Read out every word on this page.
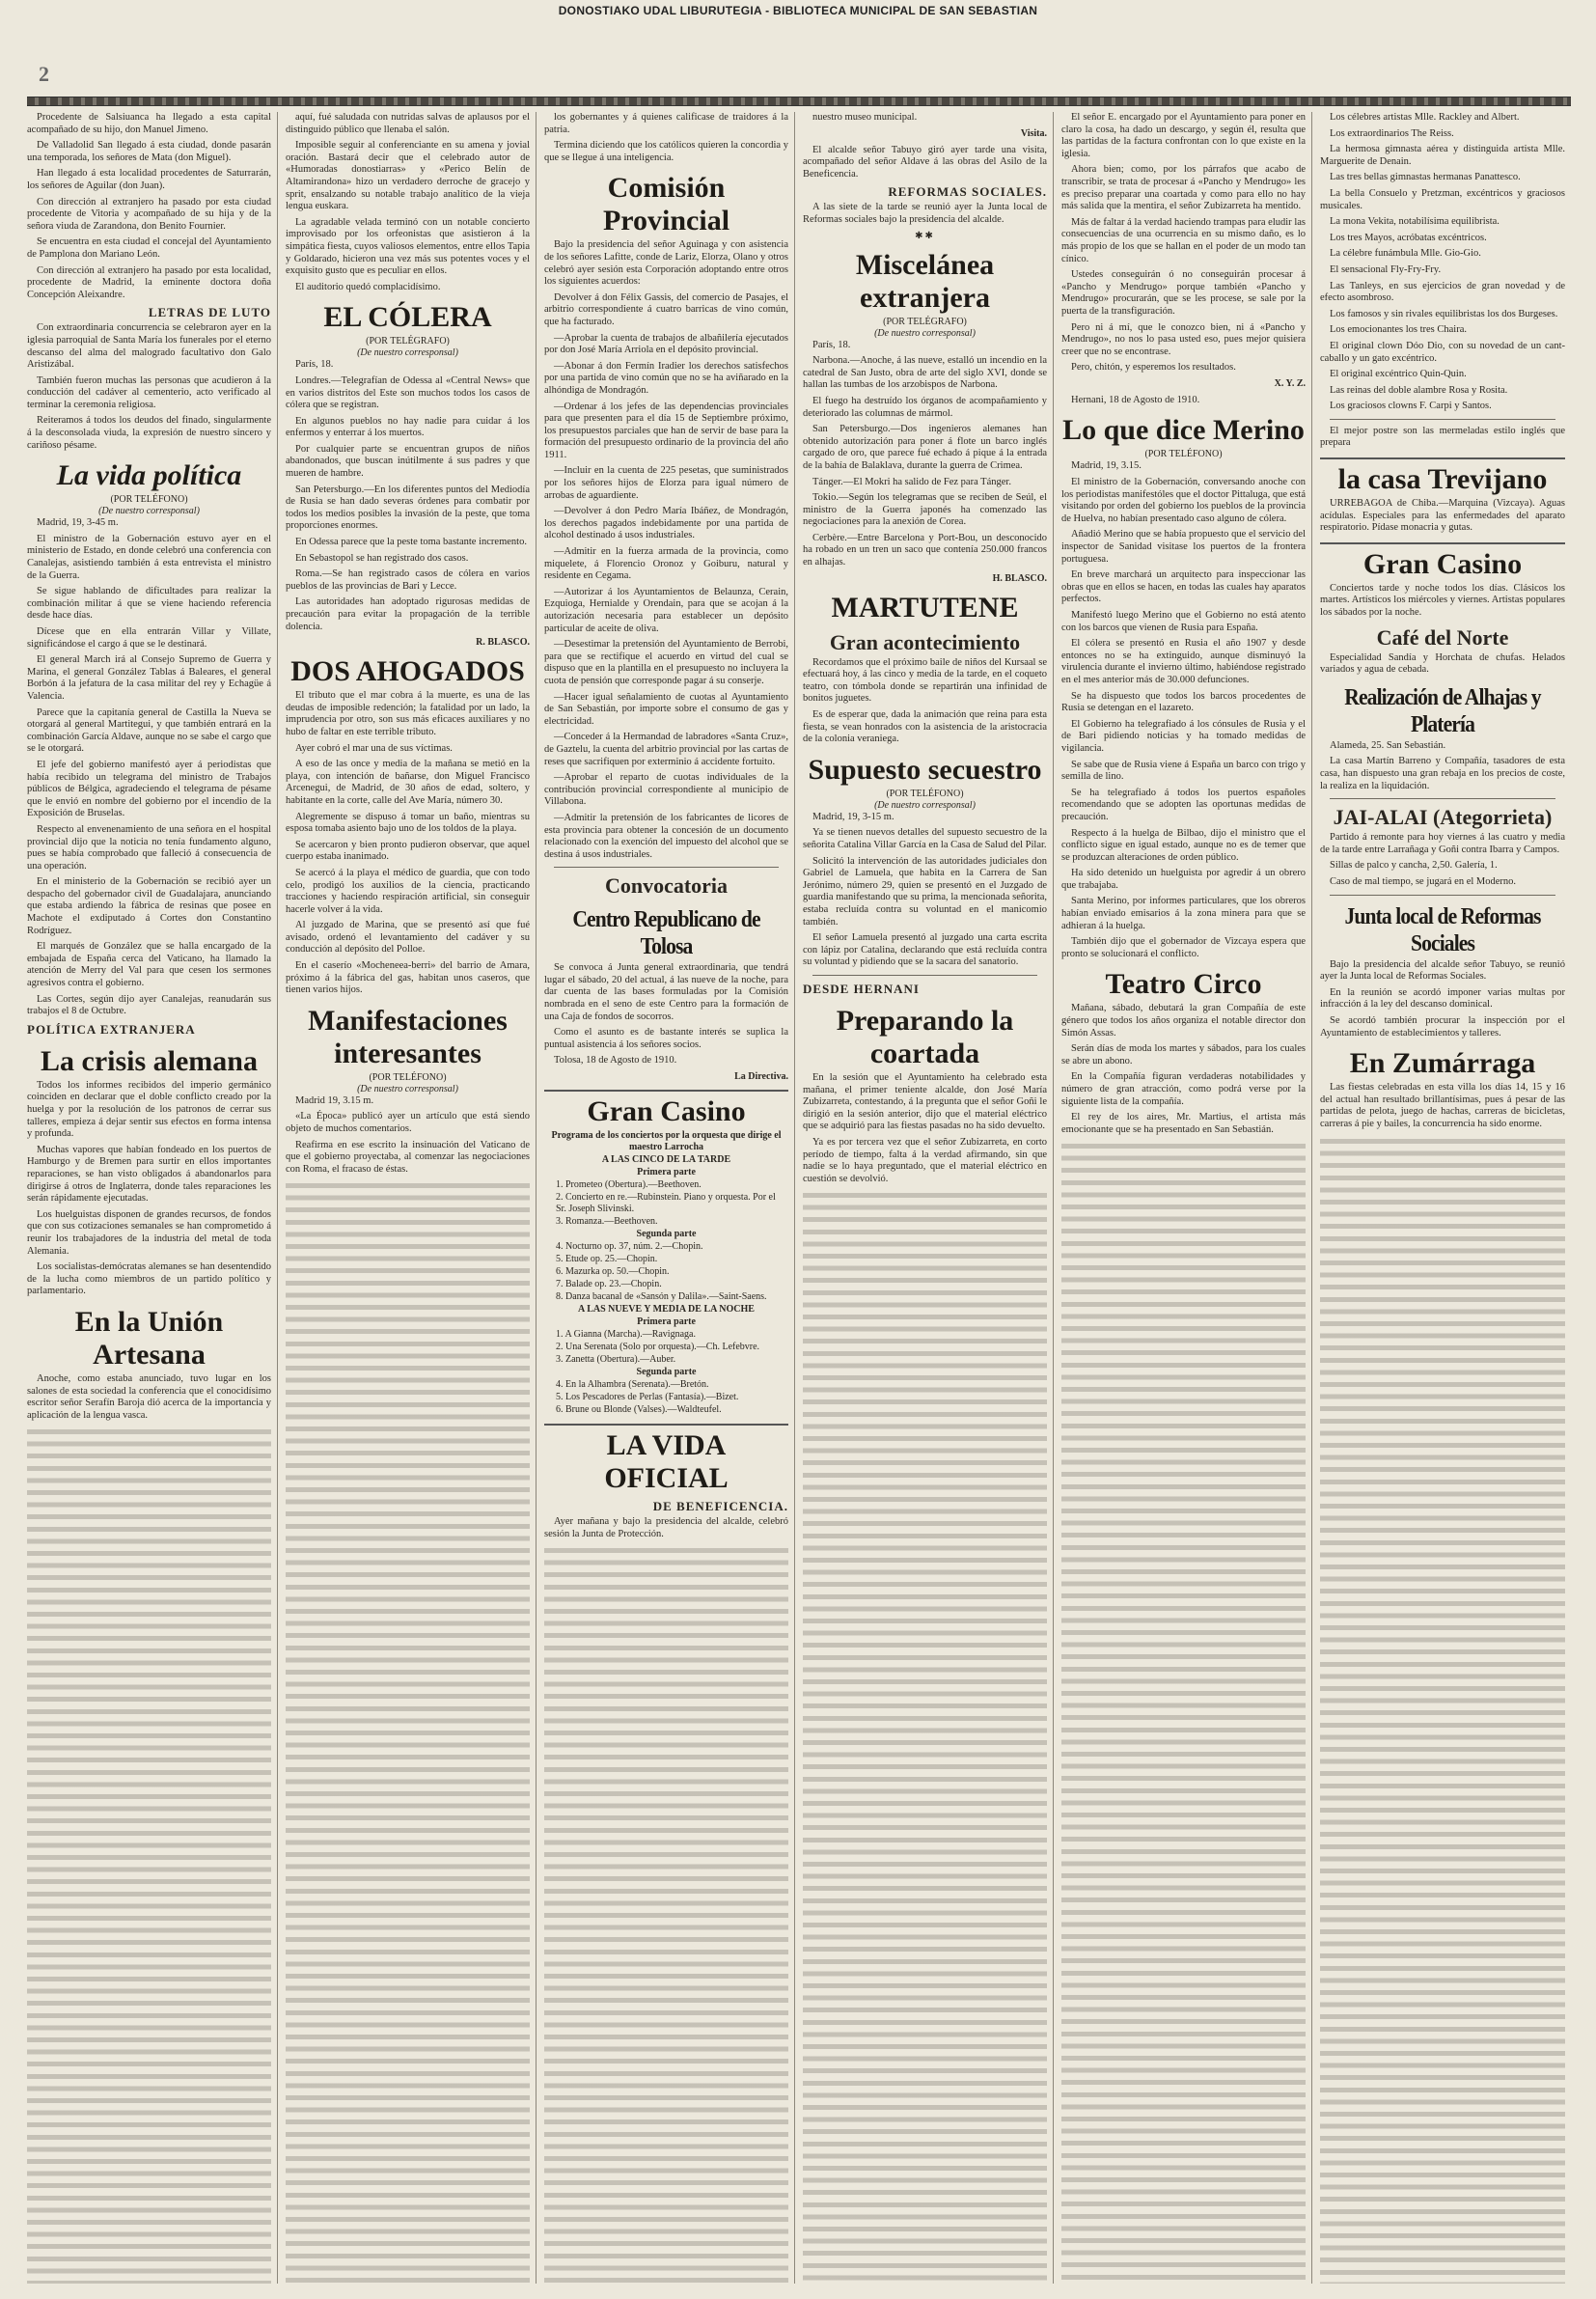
DONOSTIAKO UDAL LIBURUTEGIA - BIBLIOTECA MUNICIPAL DE SAN SEBASTIAN
2

Procedente de Salsiuanca ha llegado a esta capital acompañado de su hijo, don Manuel Jimeno.

De Valladolid San llegado á esta ciudad, donde pasarán una temporada, los señores de Mata (don Miguel).

Han llegado á esta localidad procedentes de Saturrarán, los señores de Aguilar (don Juan).

Con dirección al extranjero ha pasado por esta ciudad procedente de Vitoria y acompañado de su hija y de la señora viuda de Zarandona, don Benito Fournier.

Se encuentra en esta ciudad el concejal del Ayuntamiento de Pamplona don Mariano León.

Con dirección al extranjero ha pasado por esta localidad, procedente de Madrid, la eminente doctora doña Concepción Aleixandre.

LETRAS DE LUTO

Con extraordinaria concurrencia se celebraron ayer en la iglesia parroquial de Santa María los funerales por el eterno descanso del alma del malogrado facultativo don Galo Aristizábal.

También fueron muchas las personas que acudieron á la conducción del cadáver al cementerio, acto verificado al terminar la ceremonia religiosa.

Reiteramos á todos los deudos del finado, singularmente á la desconsolada viuda, la expresión de nuestro sincero y cariñoso pésame.

La vida política
(POR TELÉFONO)
(De nuestro corresponsal)

Madrid, 19, 3-45 m.

El ministro de la Gobernación estuvo ayer en el ministerio de Estado, en donde celebró una conferencia con Canalejas, asistiendo también á esta entrevista el ministro de la Guerra.

Se sigue hablando de dificultades para realizar la combinación militar á que se viene haciendo referencia desde hace días.

Dícese que en ella entrarán Villar y Villate, significándose el cargo á que se le destinará.

El general March irá al Consejo Supremo de Guerra y Marina, el general González Tablas á Baleares, el general Borbón á la jefatura de la casa militar del rey y Echagüe á Valencia.

Parece que la capitanía general de Castilla la Nueva se otorgará al general Martitegui, y que también entrará en la combinación García Aldave, aunque no se sabe el cargo que se le otorgará.

El jefe del gobierno manifestó ayer á periodistas que había recibido un telegrama del ministro de Trabajos públicos de Bélgica, agradeciendo el telegrama de pésame que le envió en nombre del gobierno por el incendio de la Exposición de Bruselas.

Respecto al envenenamiento de una señora en el hospital provincial dijo que la noticia no tenía fundamento alguno, pues se había comprobado que falleció á consecuencia de una operación.

En el ministerio de la Gobernación se recibió ayer un despacho del gobernador civil de Guadalajara, anunciando que estaba ardiendo la fábrica de resinas que posee en Machote el exdiputado á Cortes don Constantino Rodríguez.

El marqués de González que se halla encargado de la embajada de España cerca del Vaticano, ha llamado la atención de Merry del Val para que cesen los sermones agresivos contra el gobierno.

Las Cortes, según dijo ayer Canalejas, reanudarán sus trabajos el 8 de Octubre.

POLÍTICA EXTRANJERA
La crisis alemana

Todos los informes recibidos del imperio germánico coinciden en declarar que el doble conflicto creado por la huelga y por la resolución de los patronos de cerrar sus talleres, empieza á dejar sentir sus efectos en forma intensa y profunda.

Muchas vapores que habían fondeado en los puertos de Hamburgo y de Bremen para surtir en ellos importantes reparaciones, se han visto obligados á abandonarlos para dirigirse á otros de Inglaterra, donde tales reparaciones les serán rápidamente ejecutadas.

Los huelguistas disponen de grandes recursos, de fondos que con sus cotizaciones semanales se han comprometido á reunir los trabajadores de la industria del metal de toda Alemania.

Los socialistas-demócratas alemanes se han desentendido de la lucha como miembros de un partido político y parlamentario.

En la Unión Artesana

Anoche, como estaba anunciado, tuvo lugar en los salones de esta sociedad la conferencia que el conocidísimo escritor señor Serafín Baroja dió acerca de la importancia y aplicación de la lengua vasca.

aquí, fué saludada con nutridas salvas de aplausos por el distinguido público que llenaba el salón.

Imposible seguir al conferenciante en su amena y jovial oración. Bastará decir que el celebrado autor de «Humoradas donostiarras» y «Perico Belín de Altamirandona» hizo un verdadero derroche de gracejo y sprit, ensalzando su notable trabajo analítico de la vieja lengua euskara.

La agradable velada terminó con un notable concierto improvisado por los orfeonistas que asistieron á la simpática fiesta, cuyos valiosos elementos, entre ellos Tapia y Goldarado, hicieron una vez más sus potentes voces y el exquisito gusto que es peculiar en ellos.

El auditorio quedó complacidísimo.

EL CÓLERA
(POR TELÉGRAFO)
(De nuestro corresponsal)

París, 18.

Londres.—Telegrafían de Odessa al «Central News» que en varios distritos del Este son muchos todos los casos de cólera que se registran.

En algunos pueblos no hay nadie para cuidar á los enfermos y enterrar á los muertos.

Por cualquier parte se encuentran grupos de niños abandonados, que buscan inútilmente á sus padres y que mueren de hambre.

San Petersburgo.—En los diferentes puntos del Mediodía de Rusia se han dado severas órdenes para combatir por todos los medios posibles la invasión de la peste, que toma proporciones enormes.

En Odessa parece que la peste toma bastante incremento.

En Sebastopol se han registrado dos casos.

Roma.—Se han registrado casos de cólera en varios pueblos de las provincias de Bari y Lecce.

Las autoridades han adoptado rigurosas medidas de precaución para evitar la propagación de la terrible dolencia.

R. BLASCO.
DOS AHOGADOS

El tributo que el mar cobra á la muerte, es una de las deudas de imposible redención; la fatalidad por un lado, la imprudencia por otro, son sus más eficaces auxiliares y no hubo de faltar en este terrible tributo.

Ayer cobró el mar una de sus víctimas.

A eso de las once y media de la mañana se metió en la playa, con intención de bañarse, don Miguel Francisco Arcenegui, de Madrid, de 30 años de edad, soltero, y habitante en la corte, calle del Ave María, número 30.

Alegremente se dispuso á tomar un baño, mientras su esposa tomaba asiento bajo uno de los toldos de la playa.

Se acercaron y bien pronto pudieron observar, que aquel cuerpo estaba inanimado.

Se acercó á la playa el médico de guardia, que con todo celo, prodigó los auxilios de la ciencia, practicando tracciones y haciendo respiración artificial, sin conseguir hacerle volver á la vida.

Al juzgado de Marina, que se presentó así que fué avisado, ordenó el levantamiento del cadáver y su conducción al depósito del Polloe.

En el caserío «Mocheneea-berri» del barrio de Amara, próximo á la fábrica del gas, habitan unos caseros, que tienen varios hijos.

Manifestaciones interesantes
(POR TELÉFONO)
(De nuestro corresponsal)

Madrid 19, 3.15 m.

«La Época» publicó ayer un artículo que está siendo objeto de muchos comentarios.

Reafirma en ese escrito la insinuación del Vaticano de que el gobierno proyectaba, al comenzar las negociaciones con Roma, el fracaso de éstas.

los gobernantes y á quienes calificase de traidores á la patria.

Termina diciendo que los católicos quieren la concordia y que se llegue á una inteligencia.

Comisión Provincial

Bajo la presidencia del señor Aguinaga y con asistencia de los señores Lafitte, conde de Lariz, Elorza, Olano y otros celebró ayer sesión esta Corporación adoptando entre otros los siguientes acuerdos:

Devolver á don Félix Gassis, del comercio de Pasajes, el arbitrio correspondiente á cuatro barricas de vino común, que ha facturado.

—Aprobar la cuenta de trabajos de albañilería ejecutados por don José María Arriola en el depósito provincial.

—Abonar á don Fermín Iradier los derechos satisfechos por una partida de vino común que no se ha aviñarado en la alhóndiga de Mondragón.

—Ordenar á los jefes de las dependencias provinciales para que presenten para el día 15 de Septiembre próximo, los presupuestos parciales que han de servir de base para la formación del presupuesto ordinario de la provincia del año 1911.

—Incluir en la cuenta de 225 pesetas, que suministrados por los señores hijos de Elorza para igual número de arrobas de aguardiente.

—Devolver á don Pedro María Ibáñez, de Mondragón, los derechos pagados indebidamente por una partida de alcohol destinado á usos industriales.

—Admitir en la fuerza armada de la provincia, como miquelete, á Florencio Oronoz y Goiburu, natural y residente en Cegama.

—Autorizar á los Ayuntamientos de Belaunza, Cerain, Ezquioga, Hernialde y Orendain, para que se acojan á la autorización necesaria para establecer un depósito particular de aceite de oliva.

—Desestimar la pretensión del Ayuntamiento de Berrobi, para que se rectifique el acuerdo en virtud del cual se dispuso que en la plantilla en el presupuesto no incluyera la cuota de pensión que corresponde pagar á su conserje.

—Hacer igual señalamiento de cuotas al Ayuntamiento de San Sebastián, por importe sobre el consumo de gas y electricidad.

—Conceder á la Hermandad de labradores «Santa Cruz», de Gaztelu, la cuenta del arbitrio provincial por las cartas de reses que sacrifiquen por exterminio á accidente fortuito.

—Aprobar el reparto de cuotas individuales de la contribución provincial correspondiente al municipio de Villabona.

—Admitir la pretensión de los fabricantes de licores de esta provincia para obtener la concesión de un documento relacionado con la exención del impuesto del alcohol que se destina á usos industriales.

Convocatoria
Centro Republicano de Tolosa

Se convoca á Junta general extraordinaria, que tendrá lugar el sábado, 20 del actual, á las nueve de la noche, para dar cuenta de las bases formuladas por la Comisión nombrada en el seno de este Centro para la formación de una Caja de fondos de socorros.

Como el asunto es de bastante interés se suplica la puntual asistencia á los señores socios.

Tolosa, 18 de Agosto de 1910.

La Directiva.
Gran Casino
Programa de los conciertos por la orquesta que dirige el maestro Larrocha
A LAS CINCO DE LA TARDE
Primera parte
1. Prometeo (Obertura).—Beethoven.
2. Concierto en re.—Rubinstein. Piano y orquesta. Por el Sr. Joseph Slivinski.
3. Romanza.—Beethoven.
Segunda parte
4. Nocturno op. 37, núm. 2.—Chopin.
5. Etude op. 25.—Chopin.
6. Mazurka op. 50.—Chopin.
7. Balade op. 23.—Chopin.
8. Danza bacanal de «Sansón y Dalila».—Saint-Saens.
A LAS NUEVE Y MEDIA DE LA NOCHE
Primera parte
1. A Gianna (Marcha).—Ravignaga.
2. Una Serenata (Solo por orquesta).—Ch. Lefebvre.
3. Zanetta (Obertura).—Auber.
Segunda parte
4. En la Alhambra (Serenata).—Bretón.
5. Los Pescadores de Perlas (Fantasía).—Bizet.
6. Brune ou Blonde (Valses).—Waldteufel.
LA VIDA OFICIAL
DE BENEFICENCIA.

Ayer mañana y bajo la presidencia del alcalde, celebró sesión la Junta de Protección.

nuestro museo municipal.

Visita.

El alcalde señor Tabuyo giró ayer tarde una visita, acompañado del señor Aldave á las obras del Asilo de la Beneficencia.

REFORMAS SOCIALES.

A las siete de la tarde se reunió ayer la Junta local de Reformas sociales bajo la presidencia del alcalde.

✱✱
Miscelánea extranjera
(POR TELÉGRAFO)
(De nuestro corresponsal)

París, 18.

Narbona.—Anoche, á las nueve, estalló un incendio en la catedral de San Justo, obra de arte del siglo XVI, donde se hallan las tumbas de los arzobispos de Narbona.

El fuego ha destruído los órganos de acompañamiento y deteriorado las columnas de mármol.

San Petersburgo.—Dos ingenieros alemanes han obtenido autorización para poner á flote un barco inglés cargado de oro, que parece fué echado á pique á la entrada de la bahía de Balaklava, durante la guerra de Crimea.

Tánger.—El Mokri ha salido de Fez para Tánger.

Tokio.—Según los telegramas que se reciben de Seúl, el ministro de la Guerra japonés ha comenzado las negociaciones para la anexión de Corea.

Cerbère.—Entre Barcelona y Port-Bou, un desconocido ha robado en un tren un saco que contenía 250.000 francos en alhajas.

H. BLASCO.
MARTUTENE
Gran acontecimiento

Recordamos que el próximo baile de niños del Kursaal se efectuará hoy, á las cinco y media de la tarde, en el coqueto teatro, con tómbola donde se repartirán una infinidad de bonitos juguetes.

Es de esperar que, dada la animación que reina para esta fiesta, se vean honrados con la asistencia de la aristocracia de la colonia veraniega.

Supuesto secuestro
(POR TELÉFONO)
(De nuestro corresponsal)

Madrid, 19, 3-15 m.

Ya se tienen nuevos detalles del supuesto secuestro de la señorita Catalina Villar García en la Casa de Salud del Pilar.

Solicitó la intervención de las autoridades judiciales don Gabriel de Lamuela, que habita en la Carrera de San Jerónimo, número 29, quien se presentó en el Juzgado de guardia manifestando que su prima, la mencionada señorita, estaba recluída contra su voluntad en el manicomio también.

El señor Lamuela presentó al juzgado una carta escrita con lápiz por Catalina, declarando que está recluída contra su voluntad y pidiendo que se la sacara del sanatorio.

DESDE HERNANI
Preparando la coartada

En la sesión que el Ayuntamiento ha celebrado esta mañana, el primer teniente alcalde, don José María Zubizarreta, contestando, á la pregunta que el señor Goñi le dirigió en la sesión anterior, dijo que el material eléctrico que se adquirió para las fiestas pasadas no ha sido devuelto.

Ya es por tercera vez que el señor Zubizarreta, en corto período de tiempo, falta á la verdad afirmando, sin que nadie se lo haya preguntado, que el material eléctrico en cuestión se devolvió.

El señor E. encargado por el Ayuntamiento para poner en claro la cosa, ha dado un descargo, y según él, resulta que las partidas de la factura confrontan con lo que existe en la iglesia.

Ahora bien; como, por los párrafos que acabo de transcribir, se trata de procesar á «Pancho y Mendrugo» les es preciso preparar una coartada y como para ello no hay más salida que la mentira, el señor Zubizarreta ha mentido.

Más de faltar á la verdad haciendo trampas para eludir las consecuencias de una ocurrencia en su mismo daño, es lo más propio de los que se hallan en el poder de un modo tan cínico.

Ustedes conseguirán ó no conseguirán procesar á «Pancho y Mendrugo» porque también «Pancho y Mendrugo» procurarán, que se les procese, se sale por la puerta de la transfiguración.

Pero ni á mí, que le conozco bien, ni á «Pancho y Mendrugo», no nos lo pasa usted eso, pues mejor quisiera creer que no se encontrase.

Pero, chitón, y esperemos los resultados.

X. Y. Z.

Hernani, 18 de Agosto de 1910.

Lo que dice Merino
(POR TELÉFONO)

Madrid, 19, 3.15.

El ministro de la Gobernación, conversando anoche con los periodistas manifestóles que el doctor Pittaluga, que está visitando por orden del gobierno los pueblos de la provincia de Huelva, no habían presentado caso alguno de cólera.

Añadió Merino que se había propuesto que el servicio del inspector de Sanidad visitase los puertos de la frontera portuguesa.

En breve marchará un arquitecto para inspeccionar las obras que en ellos se hacen, en todas las cuales hay aparatos perfectos.

Manifestó luego Merino que el Gobierno no está atento con los barcos que vienen de Rusia para España.

El cólera se presentó en Rusia el año 1907 y desde entonces no se ha extinguido, aunque disminuyó la virulencia durante el invierno último, habiéndose registrado en el mes anterior más de 30.000 defunciones.

Se ha dispuesto que todos los barcos procedentes de Rusia se detengan en el lazareto.

El Gobierno ha telegrafiado á los cónsules de Rusia y el de Bari pidiendo noticias y ha tomado medidas de vigilancia.

Se sabe que de Rusia viene á España un barco con trigo y semilla de lino.

Se ha telegrafiado á todos los puertos españoles recomendando que se adopten las oportunas medidas de precaución.

Respecto á la huelga de Bilbao, dijo el ministro que el conflicto sigue en igual estado, aunque no es de temer que se produzcan alteraciones de orden público.

Ha sido detenido un huelguista por agredir á un obrero que trabajaba.

Santa Merino, por informes particulares, que los obreros habían enviado emisarios á la zona minera para que se adhieran á la huelga.

También dijo que el gobernador de Vizcaya espera que pronto se solucionará el conflicto.

Teatro Circo

Mañana, sábado, debutará la gran Compañía de este género que todos los años organiza el notable director don Simón Assas.

Serán días de moda los martes y sábados, para los cuales se abre un abono.

En la Compañía figuran verdaderas notabilidades y número de gran atracción, como podrá verse por la siguiente lista de la compañía.

El rey de los aires, Mr. Martius, el artista más emocionante que se ha presentado en San Sebastián.

Los célebres artistas Mlle. Rackley and Albert.

Los extraordinarios The Reiss.

La hermosa gimnasta aérea y distinguida artista Mlle. Marguerite de Denain.

Las tres bellas gimnastas hermanas Panattesco.

La bella Consuelo y Pretzman, excéntricos y graciosos musicales.

La mona Vekita, notabilísima equilibrista.

Los tres Mayos, acróbatas excéntricos.

La célebre funámbula Mlle. Gio-Gio.

El sensacional Fly-Fry-Fry.

Las Tanleys, en sus ejercicios de gran novedad y de efecto asombroso.

Los famosos y sin rivales equilibristas los dos Burgeses.

Los emocionantes los tres Chaira.

El original clown Dóo Dio, con su novedad de un cant-caballo y un gato excéntrico.

El original excéntrico Quin-Quin.

Las reinas del doble alambre Rosa y Rosita.

Los graciosos clowns F. Carpi y Santos.

El mejor postre son las mermeladas estilo inglés que prepara

la casa Trevijano

URREBAGOA de Chiba.—Marquina (Vizcaya). Aguas acídulas. Especiales para las enfermedades del aparato respiratorio. Pídase monacria y gutas.

Gran Casino

Conciertos tarde y noche todos los días. Clásicos los martes. Artísticos los miércoles y viernes. Artistas populares los sábados por la noche.

Café del Norte

Especialidad Sandía y Horchata de chufas. Helados variados y agua de cebada.

Realización de Alhajas y Platería

Alameda, 25. San Sebastián.

La casa Martín Barreno y Compañía, tasadores de esta casa, han dispuesto una gran rebaja en los precios de coste, la realiza en la liquidación.

JAI-ALAI (Ategorrieta)

Partido á remonte para hoy viernes á las cuatro y media de la tarde entre Larrañaga y Goñi contra Ibarra y Campos.

Sillas de palco y cancha, 2,50. Galería, 1.

Caso de mal tiempo, se jugará en el Moderno.

Junta local de Reformas Sociales

Bajo la presidencia del alcalde señor Tabuyo, se reunió ayer la Junta local de Reformas Sociales.

En la reunión se acordó imponer varias multas por infracción á la ley del descanso dominical.

Se acordó también procurar la inspección por el Ayuntamiento de establecimientos y talleres.

En Zumárraga

Las fiestas celebradas en esta villa los días 14, 15 y 16 del actual han resultado brillantísimas, pues á pesar de las partidas de pelota, juego de hachas, carreras de bicicletas, carreras á pie y bailes, la concurrencia ha sido enorme.
